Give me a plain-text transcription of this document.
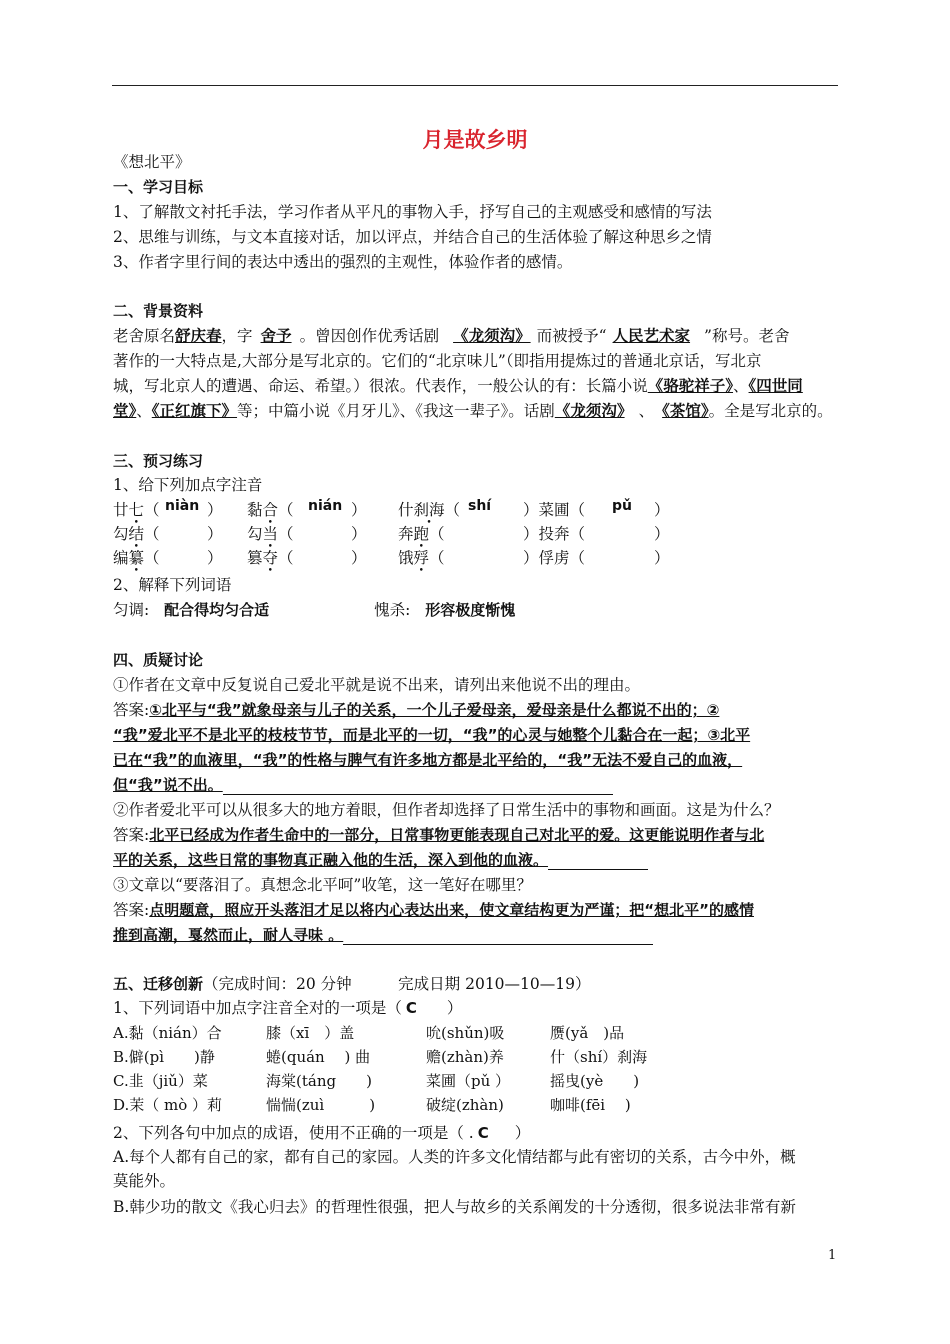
月是故乡明
《想北平》
一、学习目标
1、了解散文衬托手法，学习作者从平凡的事物入手，抒写自己的主观感受和感情的写法
2、思维与训练，与文本直接对话，加以评点，并结合自己的生活体验了解这种思乡之情
3、作者字里行间的表达中透出的强烈的主观性，体验作者的感情。
二、背景资料
老舍原名舒庆春，字 舍予 。曾因创作优秀话剧 《龙须沟》 而被授予“ 人民艺术家 ”称号。老舍
著作的一大特点是,大部分是写北京的。它们的“北京味儿”（即指用提炼过的普通北京话，写北京
城，写北京人的遭遇、命运、希望。）很浓。代表作，一般公认的有：长篇小说《骆驼祥子》、《四世同
堂》、《正红旗下》等；中篇小说《月牙儿》、《我这一辈子》。话剧《龙须沟》 、 《茶馆》。全是写北京的。
三、预习练习
1、给下列加点字注音
廿七（ • niàn ） 黏合（ • nián ） 什刹海（ • shí ）菜圃（ pǔ ）
勾结（ •	） 勾当（ •	） 奔跑（ •	）投奔（	）
编纂（ •	） 篡夺（ •	） 饿殍（ •	）俘虏（	）
2、解释下列词语
匀调: 配合得均匀合适	愧杀: 形容极度惭愧
四、质疑讨论
①作者在文章中反复说自己爱北平就是说不出来，请列出来他说不出的理由。
答案:①北平与“我”就象母亲与儿子的关系，一个儿子爱母亲，爱母亲是什么都说不出的；②
“我”爱北平不是北平的枝枝节节，而是北平的一切，“我”的心灵与她整个儿黏合在一起；③北平
已在“我”的血液里，“我”的性格与脾气有许多地方都是北平给的，“我”无法不爱自己的血液，
但“我”说不出。
②作者爱北平可以从很多大的地方着眼，但作者却选择了日常生活中的事物和画面。这是为什么？
答案:北平已经成为作者生命中的一部分，日常事物更能表现自己对北平的爱。这更能说明作者与北
平的关系，这些日常的事物真正融入他的生活，深入到他的血液。
③文章以“要落泪了。真想念北平呵”收笔，这一笔好在哪里？
答案:点明题意，照应开头落泪才足以将内心表达出来，使文章结构更为严谨；把“想北平”的感情
推到高潮，戛然而止，耐人寻味 。
五、迁移创新（完成时间：20 分钟　　　完成日期 2010—10—19）
1、下列词语中加点字注音全对的一项是（ C ）
A.黏（nián）合	膝（xī　）盖	吮(shǔn)吸	赝(yǎ　)品
B.僻(pì　　)静	蜷(quán　 ) 曲	赡(zhàn)养	什（shí）刹海
C.韭（jiǔ）菜	海棠(táng　　)	菜圃（pǔ ）	摇曳(yè　　)
D.茉（ mò ）莉	惴惴(zuì　　　)	破绽(zhàn)	咖啡(fēi　 )
2、下列各句中加点的成语，使用不正确的一项是（ . C ）
A.每个人都有自己的家，都有自己的家园。人类的许多文化情结都与此有密切的关系，古今中外，概
莫能外。
B.韩少功的散文《我心归去》的哲理性很强，把人与故乡的关系阐发的十分透彻，很多说法非常有新
1
